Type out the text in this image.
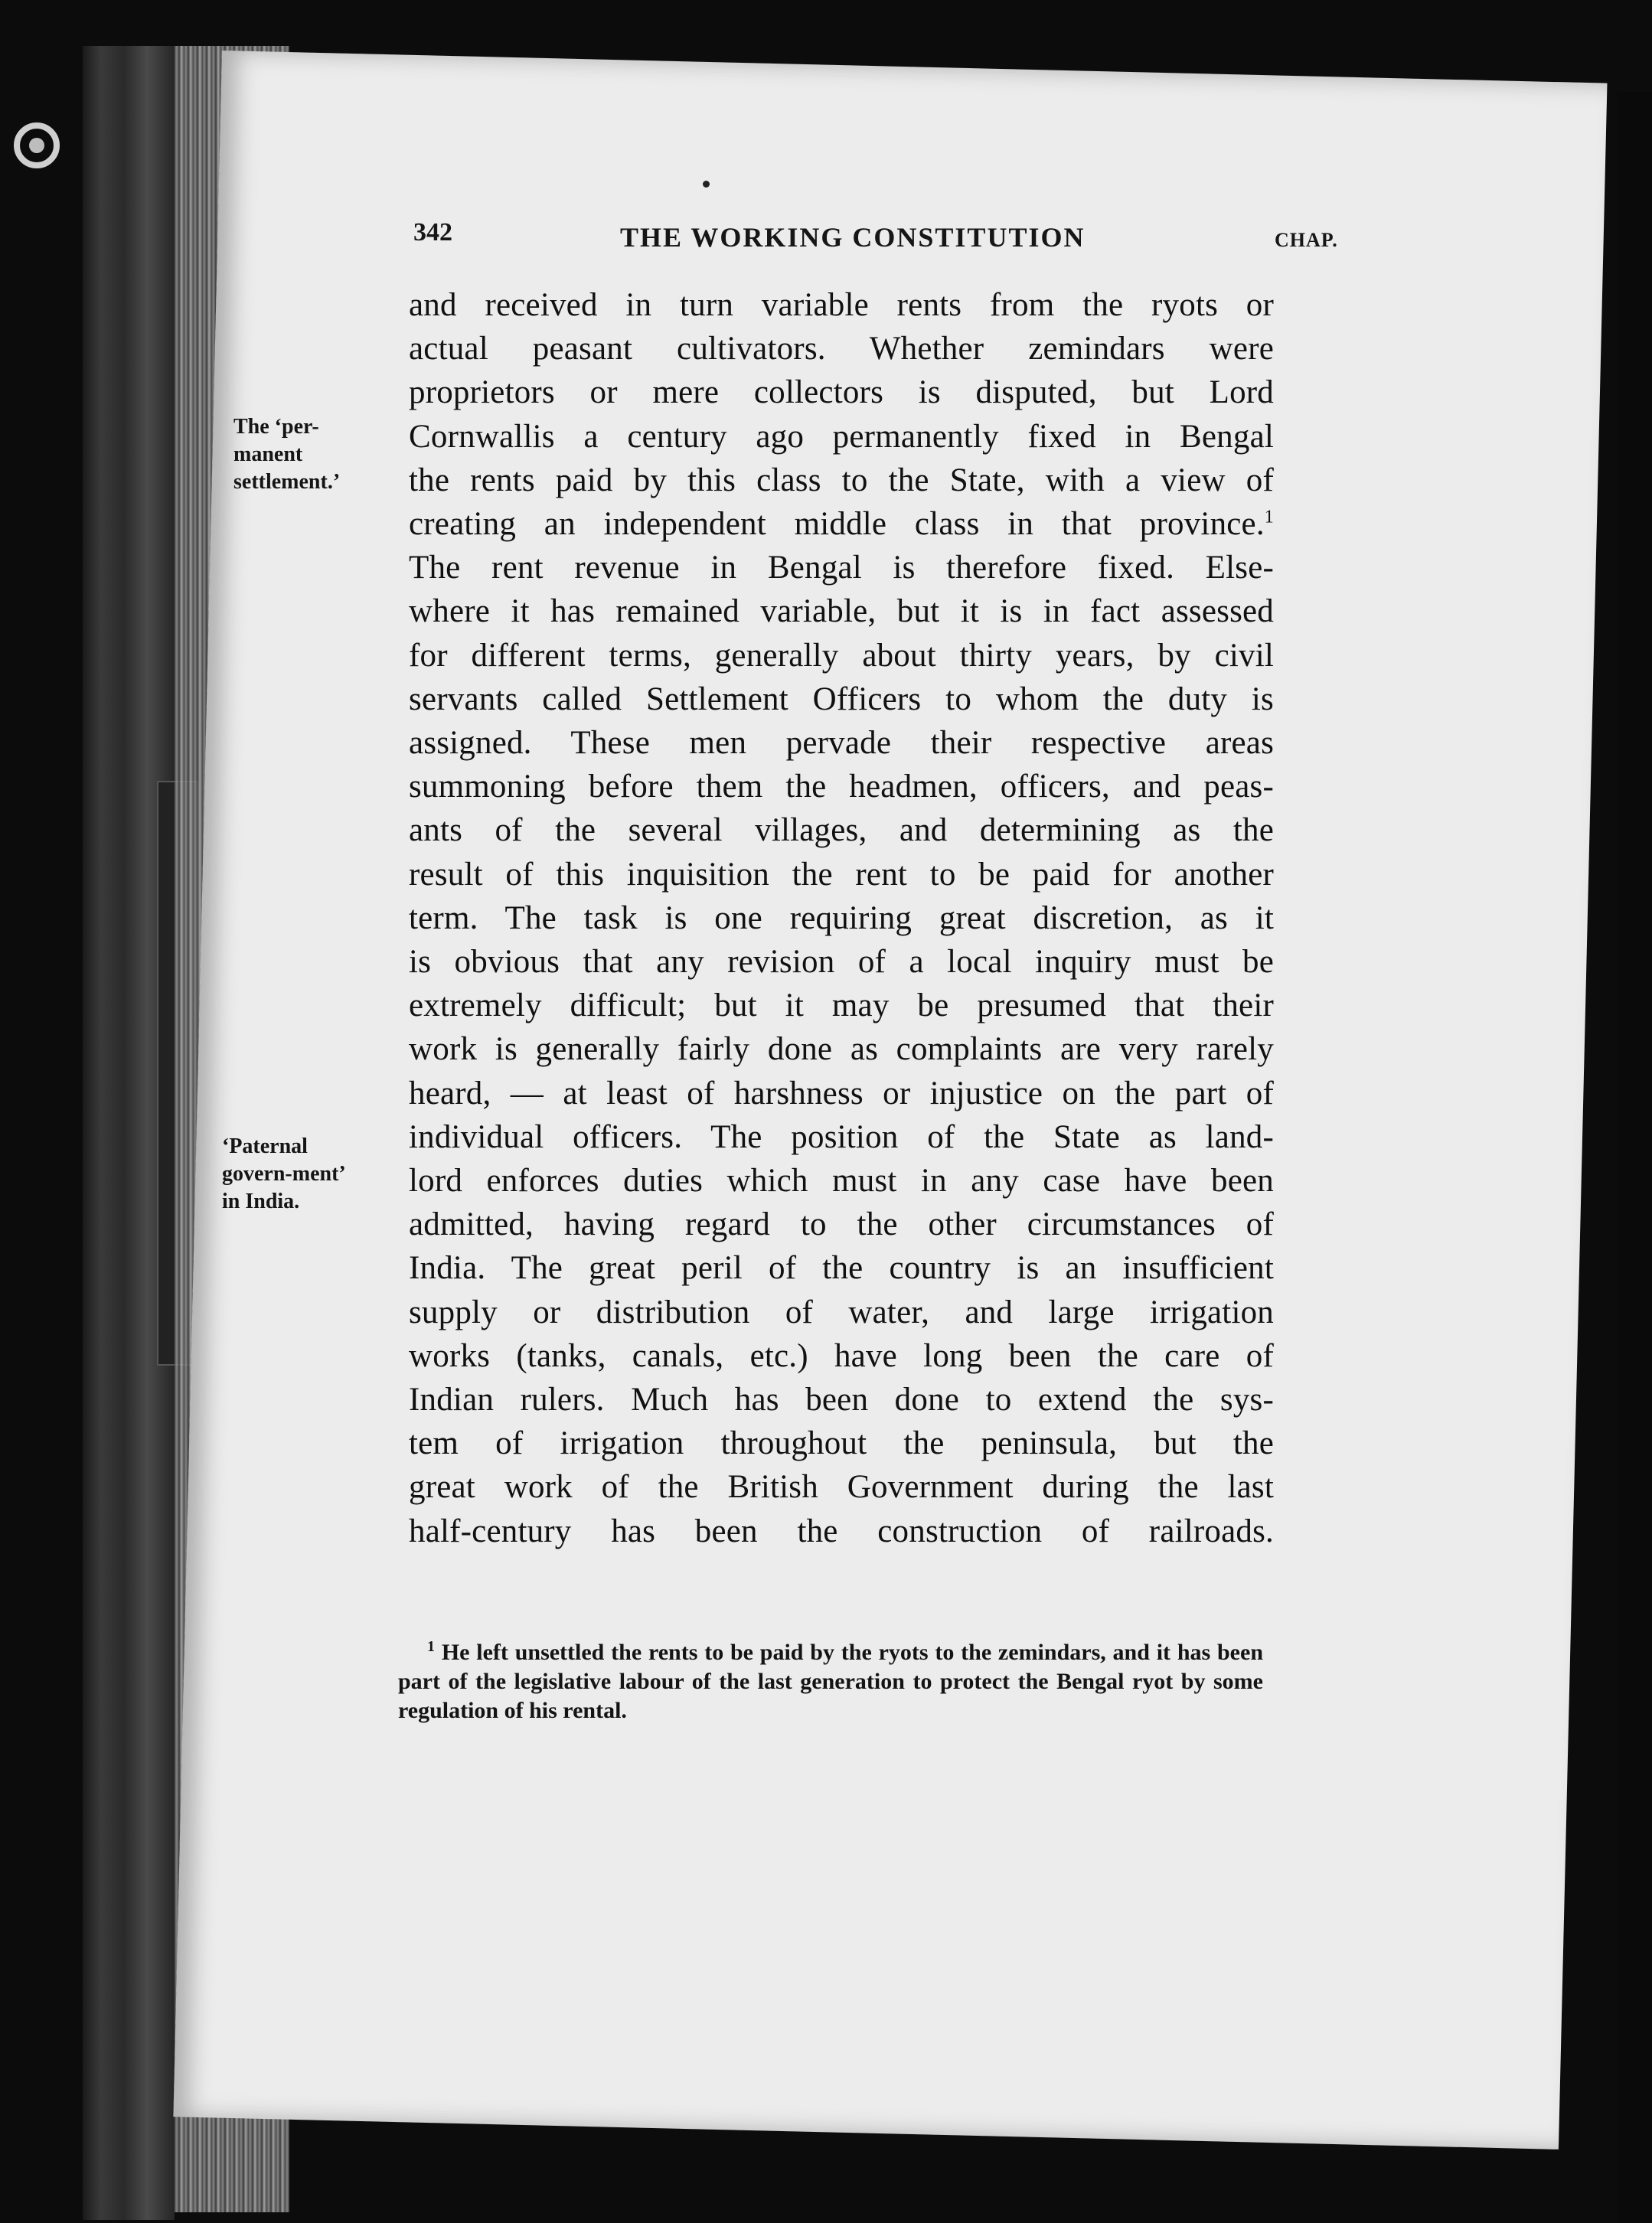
342	THE WORKING CONSTITUTION	CHAP.
The ‘per-manent settlement.’
‘Paternal govern-ment’ in India.
and received in turn variable rents from the ryots or
actual peasant cultivators. Whether zemindars were
proprietors or mere collectors is disputed, but Lord
Cornwallis a century ago permanently fixed in Bengal
the rents paid by this class to the State, with a view of
creating an independent middle class in that province.$^1$
The rent revenue in Bengal is therefore fixed. Else-
where it has remained variable, but it is in fact assessed
for different terms, generally about thirty years, by civil
servants called Settlement Officers to whom the duty is
assigned. These men pervade their respective areas
summoning before them the headmen, officers, and peas-
ants of the several villages, and determining as the
result of this inquisition the rent to be paid for another
term. The task is one requiring great discretion, as it
is obvious that any revision of a local inquiry must be
extremely difficult; but it may be presumed that their
work is generally fairly done as complaints are very rarely
heard, — at least of harshness or injustice on the part of
individual officers. The position of the State as land-
lord enforces duties which must in any case have been
admitted, having regard to the other circumstances of
India. The great peril of the country is an insufficient
supply or distribution of water, and large irrigation
works (tanks, canals, etc.) have long been the care of
Indian rulers. Much has been done to extend the sys-
tem of irrigation throughout the peninsula, but the
great work of the British Government during the last
half-century has been the construction of railroads.
$^1$ He left unsettled the rents to be paid by the ryots to the zemindars, and it has been part of the legislative labour of the last generation to protect the Bengal ryot by some regulation of his rental.
